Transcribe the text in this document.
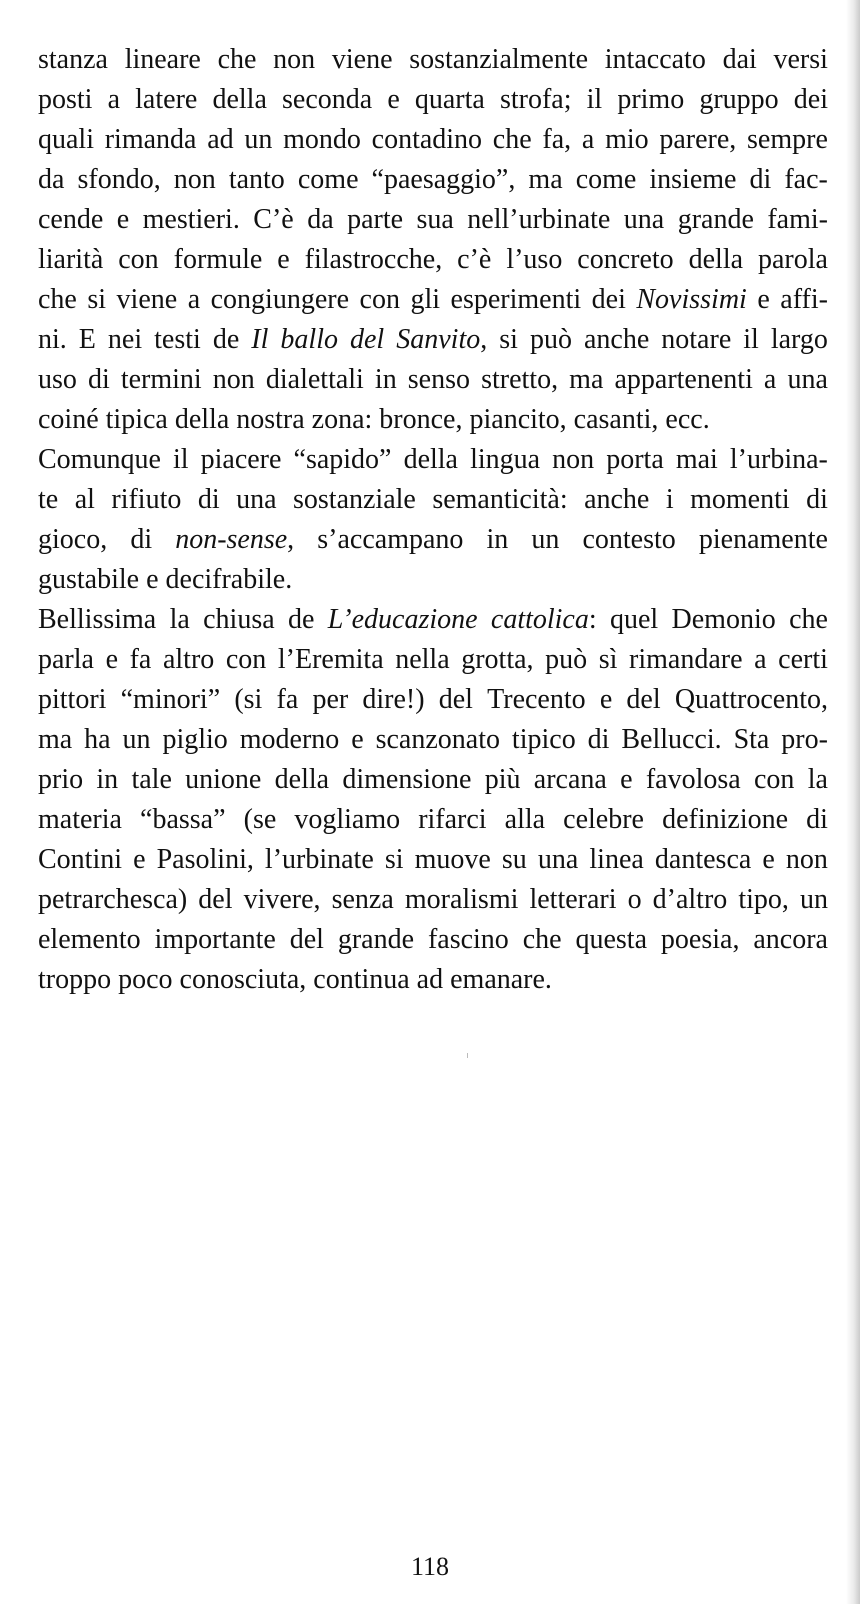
stanza lineare che non viene sostanzialmente intaccato dai versi
posti a latere della seconda e quarta strofa; il primo gruppo dei
quali rimanda ad un mondo contadino che fa, a mio parere, sempre
da sfondo, non tanto come “paesaggio”, ma come insieme di fac-
cende e mestieri. C’è da parte sua nell’urbinate una grande fami-
liarità con formule e filastrocche, c’è l’uso concreto della parola
che si viene a congiungere con gli esperimenti dei Novissimi e affi-
ni. E nei testi de Il ballo del Sanvito, si può anche notare il largo
uso di termini non dialettali in senso stretto, ma appartenenti a una
coiné tipica della nostra zona: bronce, piancito, casanti, ecc.
Comunque il piacere “sapido” della lingua non porta mai l’urbina-
te al rifiuto di una sostanziale semanticità: anche i momenti di
gioco, di non-sense, s’accampano in un contesto pienamente
gustabile e decifrabile.
Bellissima la chiusa de L’educazione cattolica: quel Demonio che
parla e fa altro con l’Eremita nella grotta, può sì rimandare a certi
pittori “minori” (si fa per dire!) del Trecento e del Quattrocento,
ma ha un piglio moderno e scanzonato tipico di Bellucci. Sta pro-
prio in tale unione della dimensione più arcana e favolosa con la
materia “bassa” (se vogliamo rifarci alla celebre definizione di
Contini e Pasolini, l’urbinate si muove su una linea dantesca e non
petrarchesca) del vivere, senza moralismi letterari o d’altro tipo, un
elemento importante del grande fascino che questa poesia, ancora
troppo poco conosciuta, continua ad emanare.
118
